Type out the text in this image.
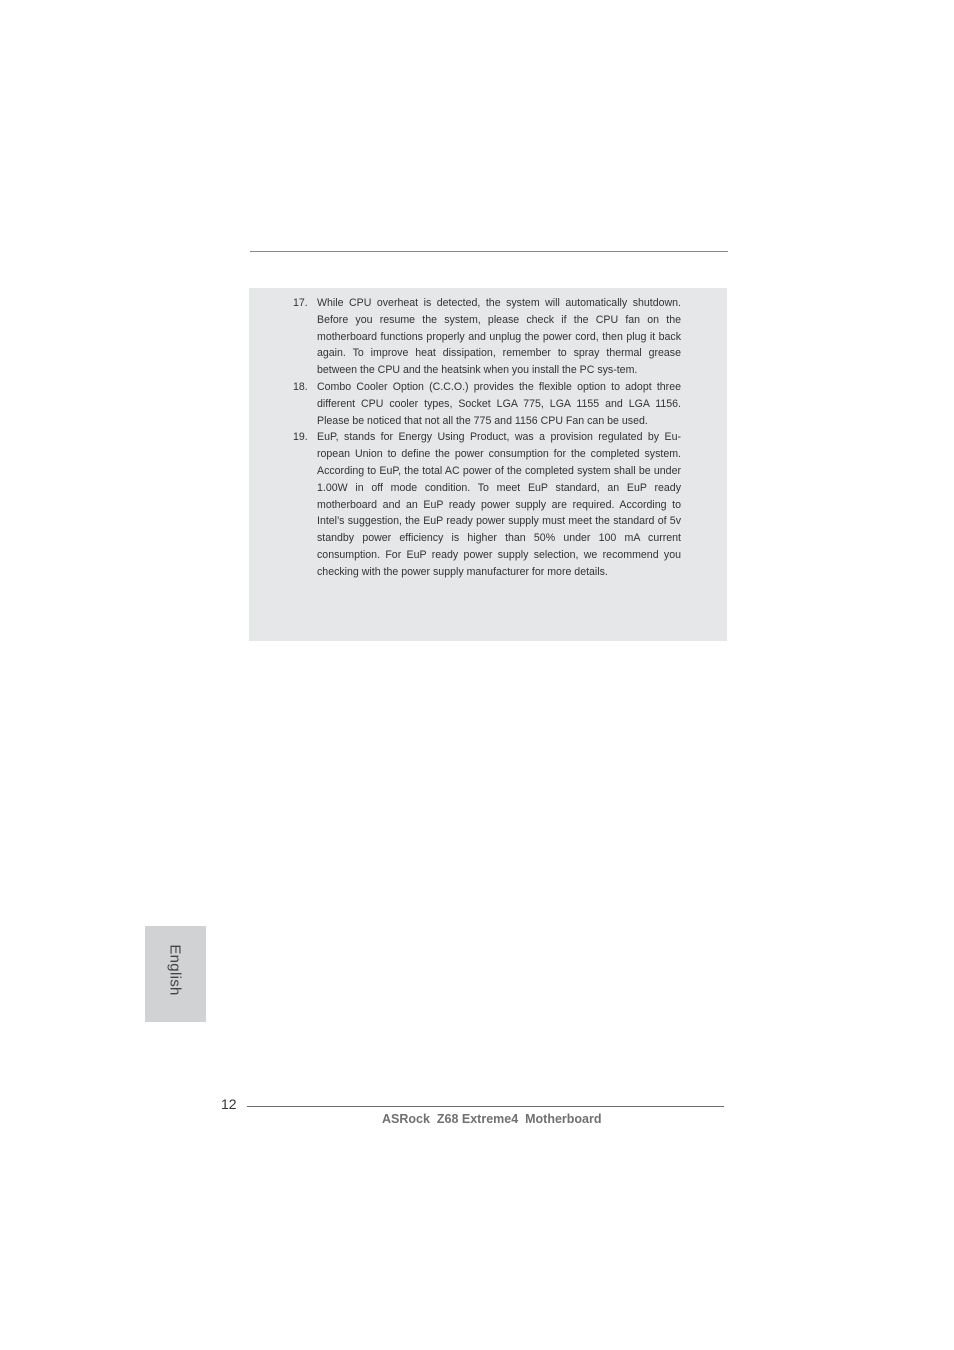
17. While CPU overheat is detected, the system will automatically shutdown. Before you resume the system, please check if the CPU fan on the motherboard functions properly and unplug the power cord, then plug it back again. To improve heat dissipation, remember to spray thermal grease between the CPU and the heatsink when you install the PC sys-tem.
18. Combo Cooler Option (C.C.O.) provides the flexible option to adopt three different CPU cooler types, Socket LGA 775, LGA 1155 and LGA 1156. Please be noticed that not all the 775 and 1156 CPU Fan can be used.
19. EuP, stands for Energy Using Product, was a provision regulated by Eu-ropean Union to define the power consumption for the completed system. According to EuP, the total AC power of the completed system shall be under 1.00W in off mode condition. To meet EuP standard, an EuP ready motherboard and an EuP ready power supply are required. According to Intel’s suggestion, the EuP ready power supply must meet the standard of 5v standby power efficiency is higher than 50% under 100 mA current consumption. For EuP ready power supply selection, we recommend you checking with the power supply manufacturer for more details.
English
12
ASRock  Z68 Extreme4  Motherboard
